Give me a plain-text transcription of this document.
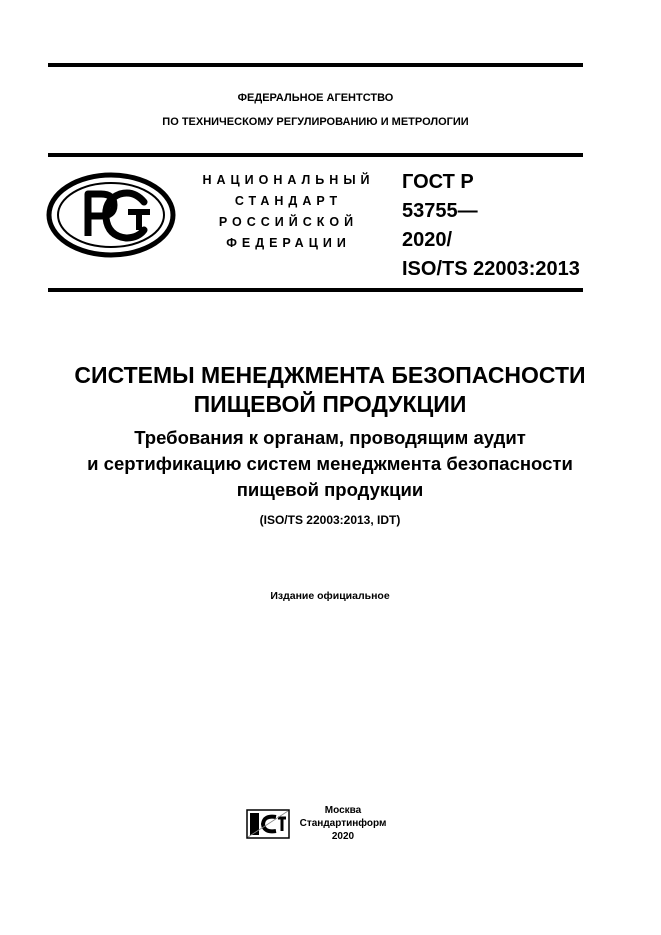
ФЕДЕРАЛЬНОЕ АГЕНТСТВО
ПО ТЕХНИЧЕСКОМУ РЕГУЛИРОВАНИЮ И МЕТРОЛОГИИ
НАЦИОНАЛЬНЫЙ
СТАНДАРТ
РОССИЙСКОЙ
ФЕДЕРАЦИИ
ГОСТ Р
53755—
2020/
ISO/TS 22003:2013
СИСТЕМЫ МЕНЕДЖМЕНТА БЕЗОПАСНОСТИ
ПИЩЕВОЙ ПРОДУКЦИИ
Требования к органам, проводящим аудит
и сертификацию систем менеджмента безопасности
пищевой продукции
(ISO/TS 22003:2013, IDT)
Издание официальное
Москва
Стандартинформ
2020
